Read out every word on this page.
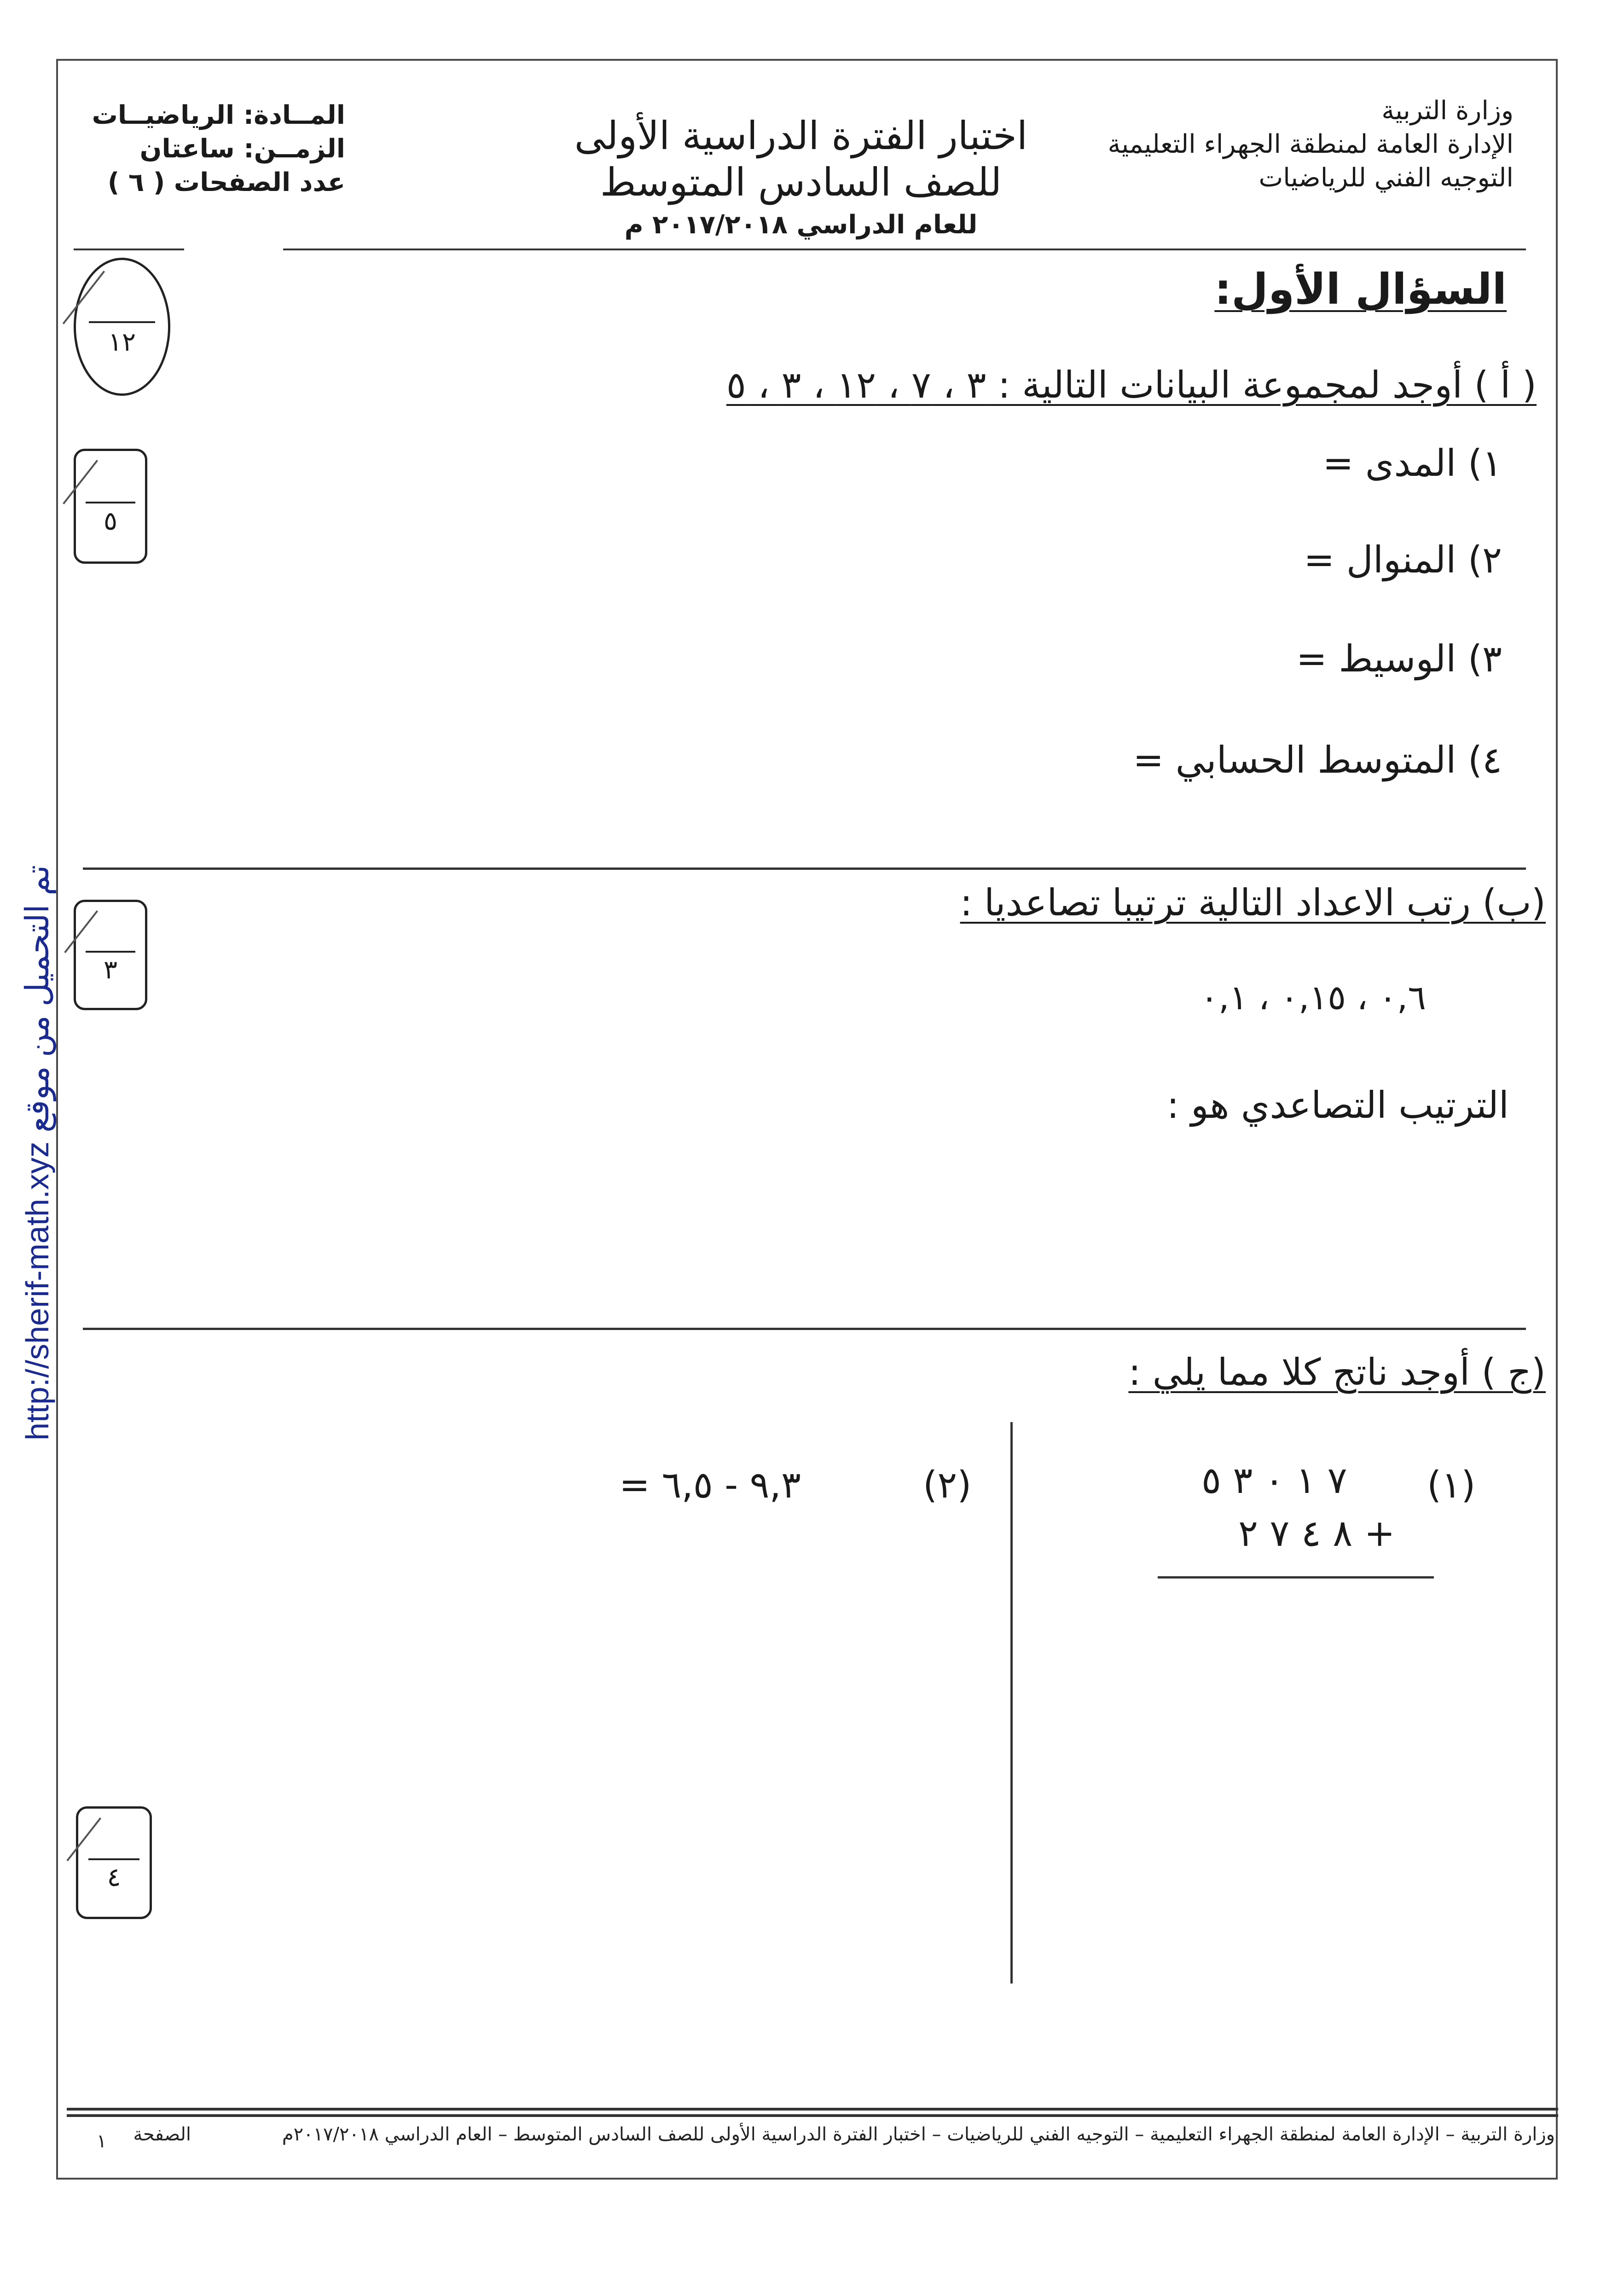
وزارة التربية
الإدارة العامة لمنطقة الجهراء التعليمية
التوجيه الفني للرياضيات
اختبار الفترة الدراسية الأولى
للصف السادس المتوسط
للعام الدراسي ٢٠١٧/٢٠١٨ م
المــادة: الرياضيــات
الزمــن: ساعتان
عدد الصفحات ( ٦ )
السؤال الأول:
١٢
( أ ) أوجد لمجموعة البيانات التالية : ٣ ، ٧ ، ١٢ ، ٣ ، ٥
٥
١) المدى =
٢) المنوال =
٣) الوسيط =
٤) المتوسط الحسابي =
(ب) رتب الاعداد التالية ترتيبا تصاعديا :
٣
٠,٦ ، ٠,١٥ ، ٠,١
الترتيب التصاعدي هو :
(ج ) أوجد ناتج كلا مما يلي :
(١)
٧ ١ ٠ ٣ ٥
+ ٨ ٤ ٧ ٢
(٢)
٩,٣ - ٦,٥ =
٤
http://sherif-math.xyz تم التحميل من موقع
وزارة التربية – الإدارة العامة لمنطقة الجهراء التعليمية – التوجيه الفني للرياضيات – اختبار الفترة الدراسية الأولى للصف السادس المتوسط – العام الدراسي ٢٠١٧/٢٠١٨م
الصفحة
١
